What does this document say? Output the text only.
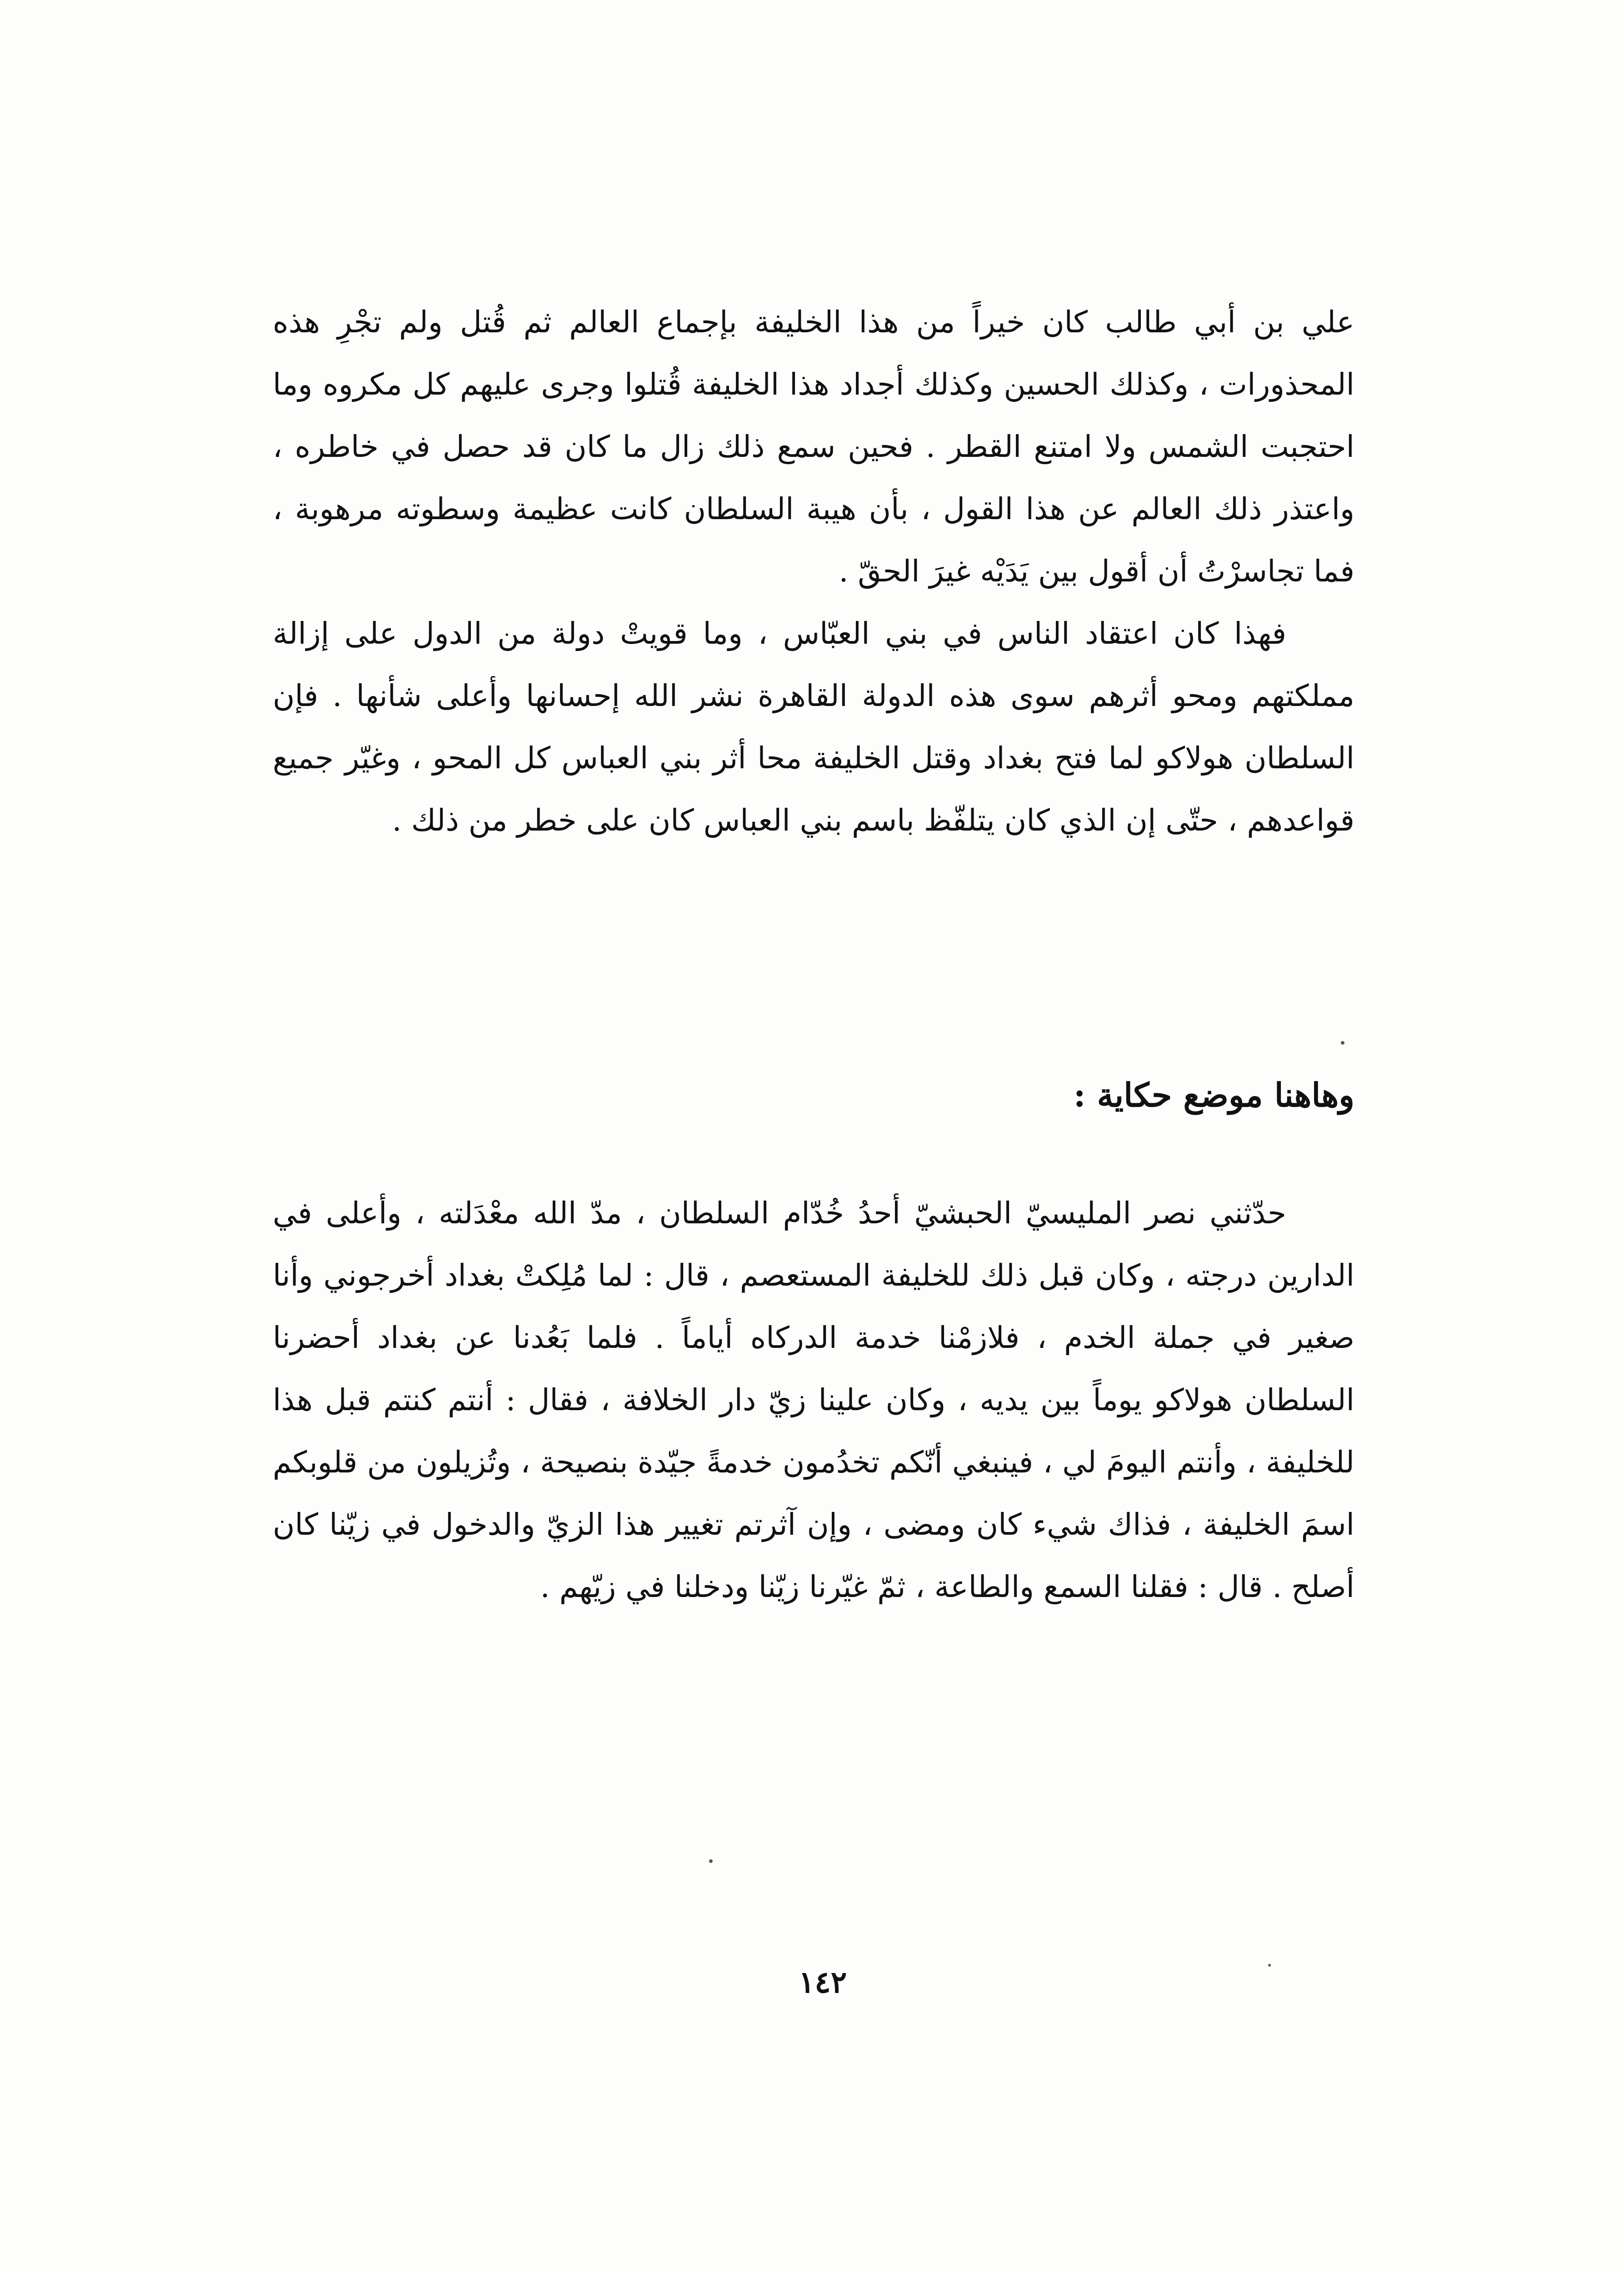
علي بن أبي طالب كان خيراً من هذا الخليفة بإجماع العالم ثم قُتل ولم تجْرِ هذه المحذورات ، وكذلك الحسين وكذلك أجداد هذا الخليفة قُتلوا وجرى عليهم كل مكروه وما احتجبت الشمس ولا امتنع القطر . فحين سمع ذلك زال ما كان قد حصل في خاطره ، واعتذر ذلك العالم عن هذا القول ، بأن هيبة السلطان كانت عظيمة وسطوته مرهوبة ، فما تجاسرْتُ أن أقول بين يَدَيْه غيرَ الحقّ .

فهذا كان اعتقاد الناس في بني العبّاس ، وما قويتْ دولة من الدول على إزالة مملكتهم ومحو أثرهم سوى هذه الدولة القاهرة نشر الله إحسانها وأعلى شأنها . فإن السلطان هولاكو لما فتح بغداد وقتل الخليفة محا أثر بني العباس كل المحو ، وغيّر جميع قواعدهم ، حتّى إن الذي كان يتلفّظ باسم بني العباس كان على خطر من ذلك .

وهاهنا موضع حكاية :

حدّثني نصر المليسيّ الحبشيّ أحدُ خُدّام السلطان ، مدّ الله معْدَلته ، وأعلى في الدارين درجته ، وكان قبل ذلك للخليفة المستعصم ، قال : لما مُلِكتْ بغداد أخرجوني وأنا صغير في جملة الخدم ، فلازمْنا خدمة الدركاه أياماً . فلما بَعُدنا عن بغداد أحضرنا السلطان هولاكو يوماً بين يديه ، وكان علينا زيّ دار الخلافة ، فقال : أنتم كنتم قبل هذا للخليفة ، وأنتم اليومَ لي ، فينبغي أنّكم تخدُمون خدمةً جيّدة بنصيحة ، وتُزيلون من قلوبكم اسمَ الخليفة ، فذاك شيء كان ومضى ، وإن آثرتم تغيير هذا الزيّ والدخول في زيّنا كان أصلح . قال : فقلنا السمع والطاعة ، ثمّ غيّرنا زيّنا ودخلنا في زيّهم .

١٤٢
